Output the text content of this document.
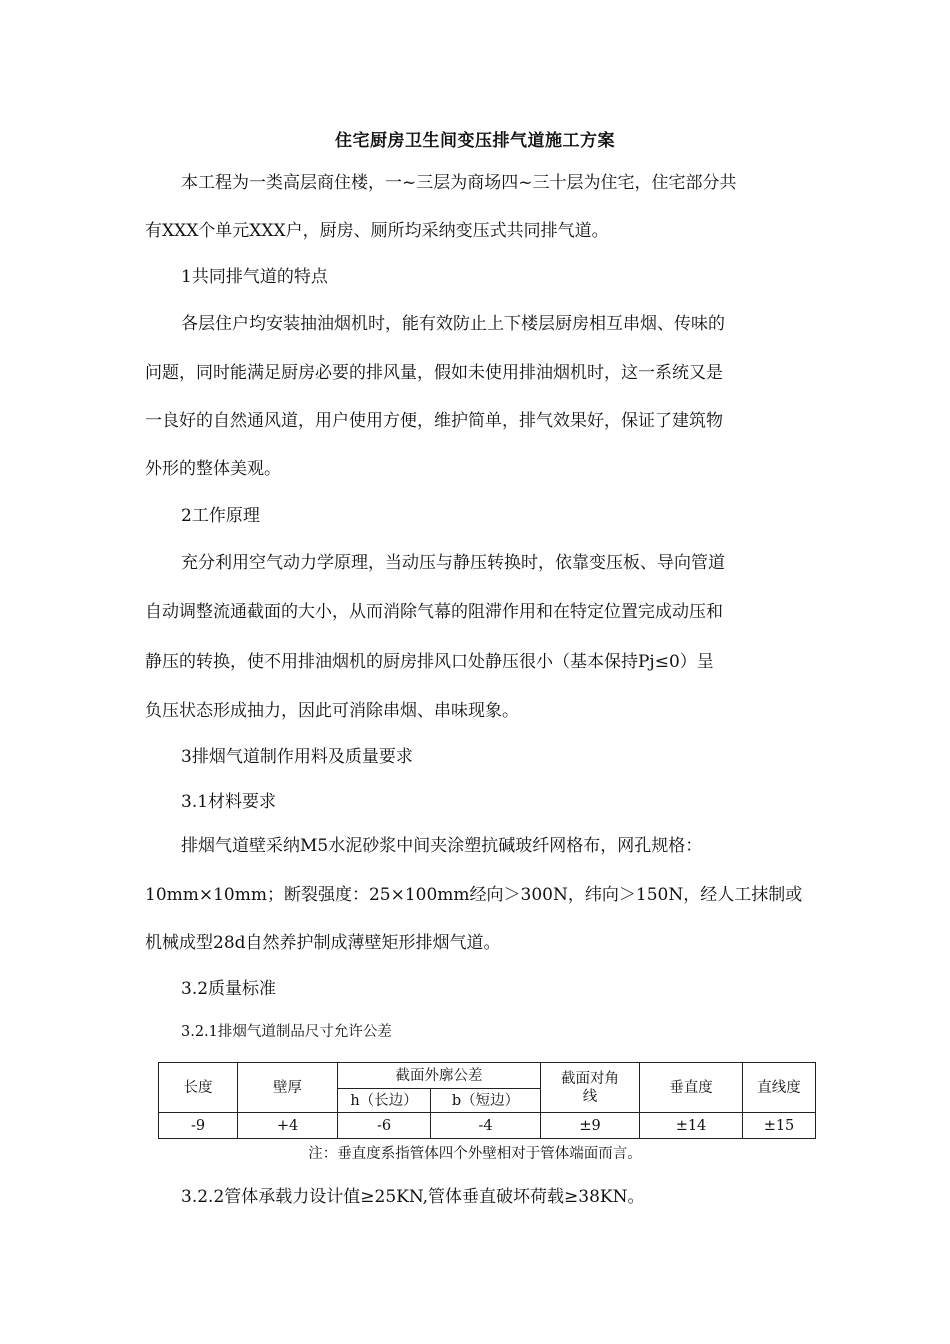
住宅厨房卫生间变压排气道施工方案
本工程为一类高层商住楼，一~三层为商场四~三十层为住宅，住宅部分共
有XXX个单元XXX户，厨房、厕所均采纳变压式共同排气道。
1共同排气道的特点
各层住户均安装抽油烟机时，能有效防止上下楼层厨房相互串烟、传味的
问题，同时能满足厨房必要的排风量，假如未使用排油烟机时，这一系统又是
一良好的自然通风道，用户使用方便，维护简单，排气效果好，保证了建筑物
外形的整体美观。
2工作原理
充分利用空气动力学原理，当动压与静压转换时，依靠变压板、导向管道
自动调整流通截面的大小，从而消除气幕的阻滞作用和在特定位置完成动压和
静压的转换，使不用排油烟机的厨房排风口处静压很小（基本保持Pj≤0）呈
负压状态形成抽力，因此可消除串烟、串味现象。
3排烟气道制作用料及质量要求
3.1材料要求
排烟气道壁采纳M5水泥砂浆中间夹涂塑抗碱玻纤网格布，网孔规格：
10mm×10mm；断裂强度：25×100mm经向＞300N，纬向＞150N，经人工抹制或
机械成型28d自然养护制成薄壁矩形排烟气道。
3.2质量标准
3.2.1排烟气道制品尺寸允许公差
长度	壁厚	截面外廓公差		截面对角线	垂直度	直线度
		h（长边）	b（短边）			
-9	+4	-6	-4	±9	±14	±15
注：垂直度系指管体四个外壁相对于管体端面而言。
3.2.2管体承载力设计值≥25KN,管体垂直破坏荷载≥38KN。
